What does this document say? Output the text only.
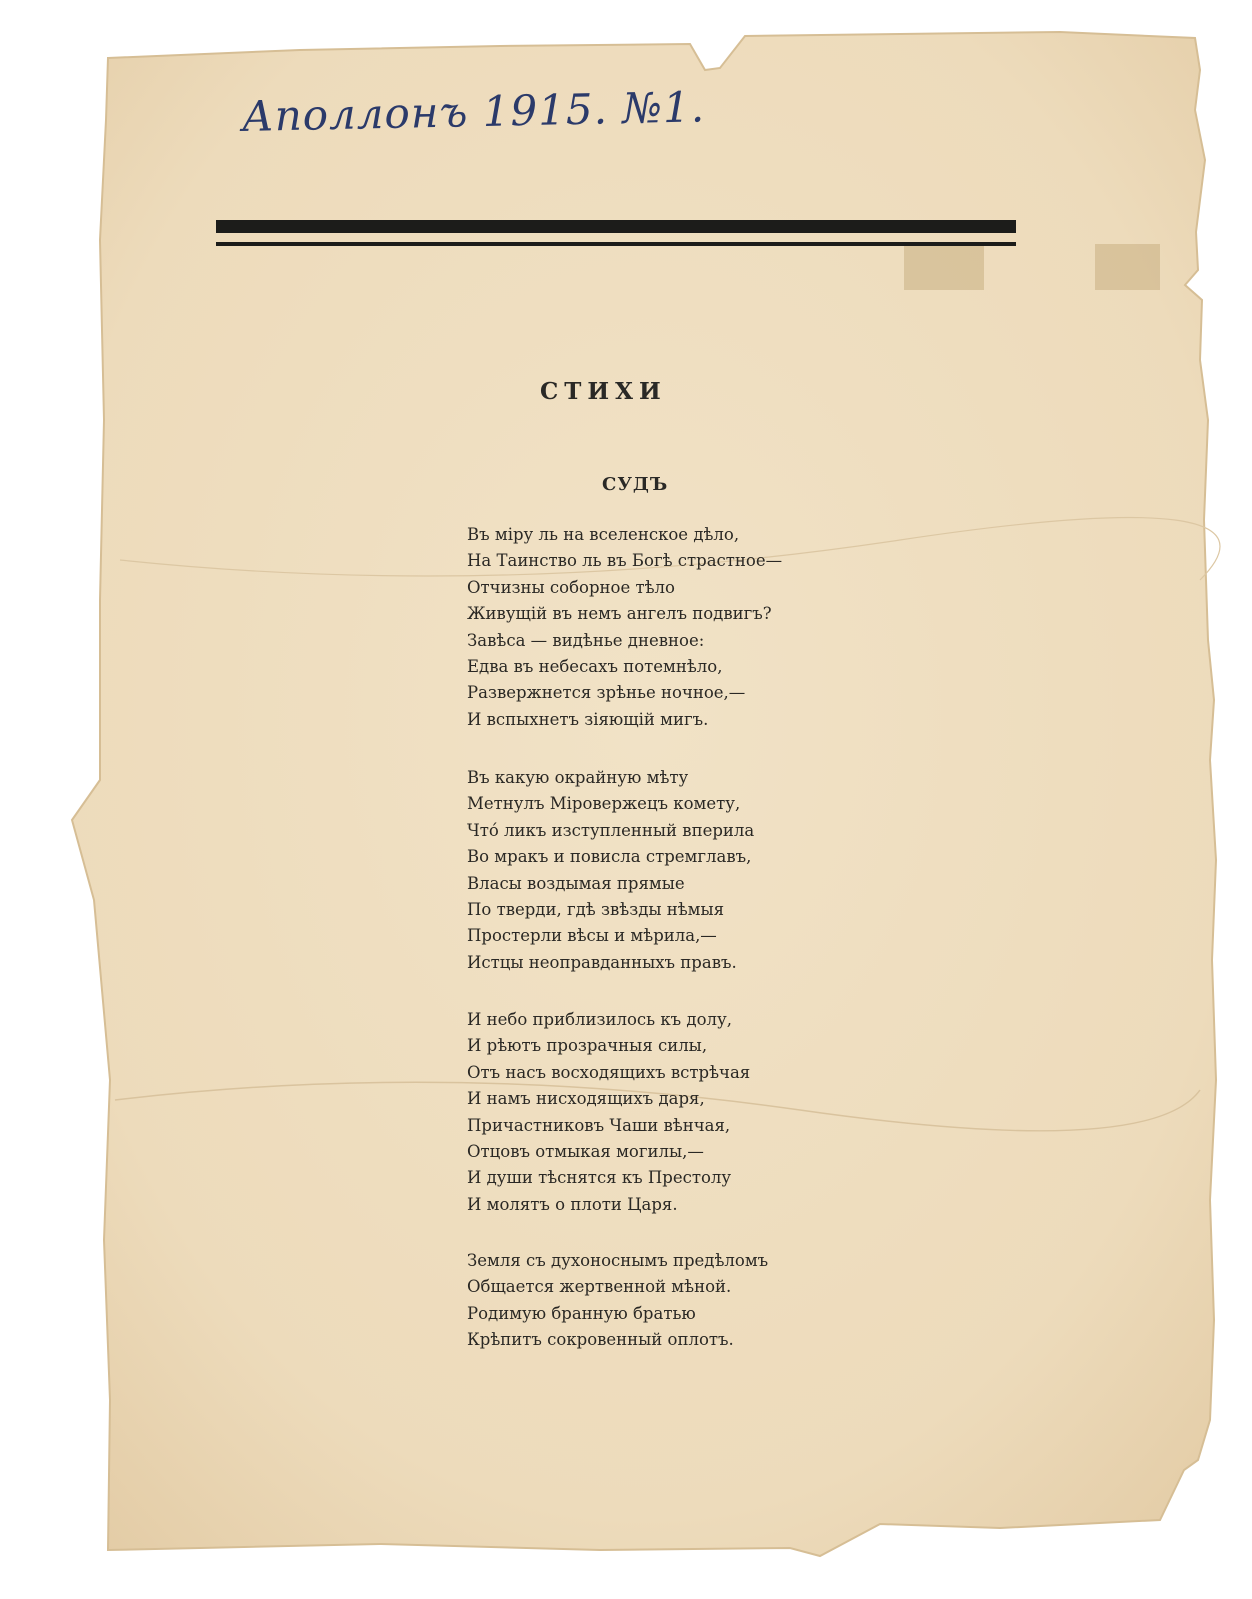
Аполлонъ 1915. №1.
СТИХИ
СУДЪ
Въ міру ль на вселенское дѣло,
На Таинство ль въ Богѣ страстное—
Отчизны соборное тѣло
Живущій въ немъ ангелъ подвигъ?
Завѣса — видѣнье дневное:
Едва въ небесахъ потемнѣло,
Развержнется зрѣнье ночное,—
И вспыхнетъ зіяющій мигъ.
Въ какую окрайную мѣту
Метнулъ Міровержецъ комету,
Что́ ликъ изступленный вперила
Во мракъ и повисла стремглавъ,
Власы воздымая прямые
По тверди, гдѣ звѣзды нѣмыя
Простерли вѣсы и мѣрила,—
Истцы неоправданныхъ правъ.
И небо приблизилось къ долу,
И рѣютъ прозрачныя силы,
Отъ насъ восходящихъ встрѣчая
И намъ нисходящихъ даря,
Причастниковъ Чаши вѣнчая,
Отцовъ отмыкая могилы,—
И души тѣснятся къ Престолу
И молятъ о плоти Царя.
Земля съ духоноснымъ предѣломъ
Общается жертвенной мѣной.
Родимую бранную братью
Крѣпитъ сокровенный оплотъ.
